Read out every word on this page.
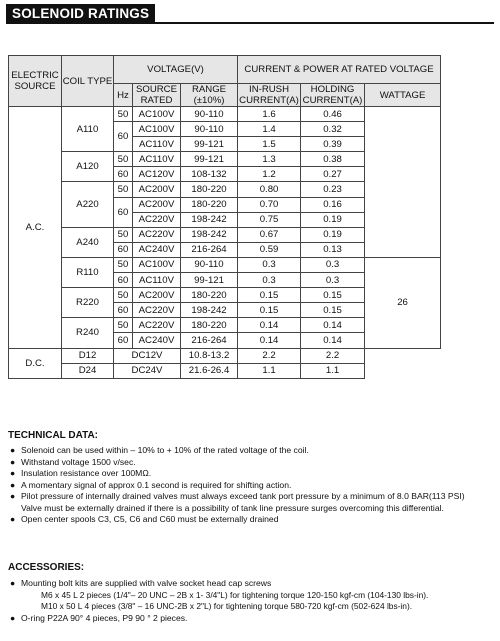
SOLENOID RATINGS
ELECTRIC SOURCE	COIL TYPE	VOLTAGE(V)			CURRENT & POWER AT RATED VOLTAGE		
		Hz	SOURCE RATED	RANGE (±10%)	IN-RUSH CURRENT(A)	HOLDING CURRENT(A)	WATTAGE
A.C.	A110	50	AC100V	90-110	1.6	0.46	
		60	AC100V	90-110	1.4	0.32	
			AC110V	99-121	1.5	0.39	
	A120	50	AC110V	99-121	1.3	0.38	
		60	AC120V	108-132	1.2	0.27	
	A220	50	AC200V	180-220	0.80	0.23	
		60	AC200V	180-220	0.70	0.16	
			AC220V	198-242	0.75	0.19	
	A240	50	AC220V	198-242	0.67	0.19	
		60	AC240V	216-264	0.59	0.13	
	R110	50	AC100V	90-110	0.3	0.3	26
		60	AC110V	99-121	0.3	0.3	
	R220	50	AC200V	180-220	0.15	0.15	
		60	AC220V	198-242	0.15	0.15	
	R240	50	AC220V	180-220	0.14	0.14	
		60	AC240V	216-264	0.14	0.14	
D.C.	D12	DC12V		10.8-13.2	2.2	2.2	
	D24	DC24V		21.6-26.4	1.1	1.1	
TECHNICAL DATA:
● Solenoid can be used within – 10% to + 10% of the rated voltage of the coil.
● Withstand voltage 1500 v/sec.
● Insulation resistance over 100MΩ.
● A momentary signal of approx 0.1 second is required for shifting action.
● Pilot pressure of internally drained valves must always exceed tank port pressure by a minimum of 8.0 BAR(113 PSI)
Valve must be externally drained if there is a possibility of tank line pressure surges overcoming this differential.
● Open center spools C3, C5, C6 and C60 must be externally drained
ACCESSORIES:
● Mounting bolt kits are supplied with valve socket head cap screws
M6 x 45 L 2 pieces (1/4"– 20 UNC – 2B x 1- 3/4"L) for tightening torque 120-150 kgf-cm (104-130 lbs-in).
M10 x 50 L 4 pieces (3/8" – 16 UNC-2B x 2"L) for tightening torque 580-720 kgf-cm (502-624 lbs-in).
● O-ring P22A 90° 4 pieces, P9 90 ° 2 pieces.
